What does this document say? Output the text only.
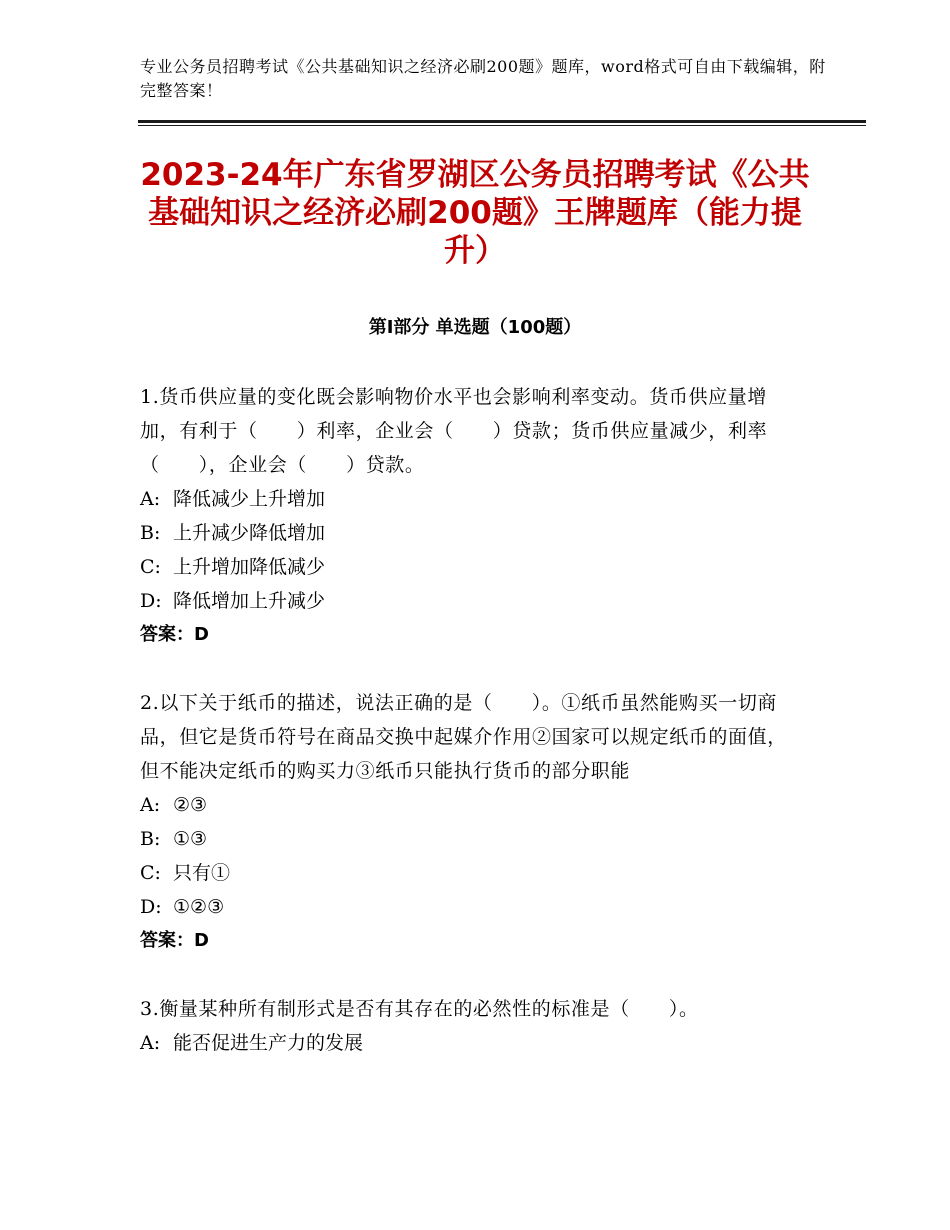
专业公务员招聘考试《公共基础知识之经济必刷200题》题库，word格式可自由下载编辑，附完整答案！
2023-24年广东省罗湖区公务员招聘考试《公共基础知识之经济必刷200题》王牌题库（能力提升）
第Ⅰ部分 单选题（100题）

1.货币供应量的变化既会影响物价水平也会影响利率变动。货币供应量增加，有利于（　　）利率，企业会（　　）贷款；货币供应量减少，利率（　　），企业会（　　）贷款。

A: 降低减少上升增加

B: 上升减少降低增加

C: 上升增加降低减少

D: 降低增加上升减少

答案：D

2.以下关于纸币的描述，说法正确的是（　　）。①纸币虽然能购买一切商品，但它是货币符号在商品交换中起媒介作用②国家可以规定纸币的面值，但不能决定纸币的购买力③纸币只能执行货币的部分职能

A: ②③

B: ①③

C: 只有①

D: ①②③

答案：D

3.衡量某种所有制形式是否有其存在的必然性的标准是（　　）。

A: 能否促进生产力的发展
